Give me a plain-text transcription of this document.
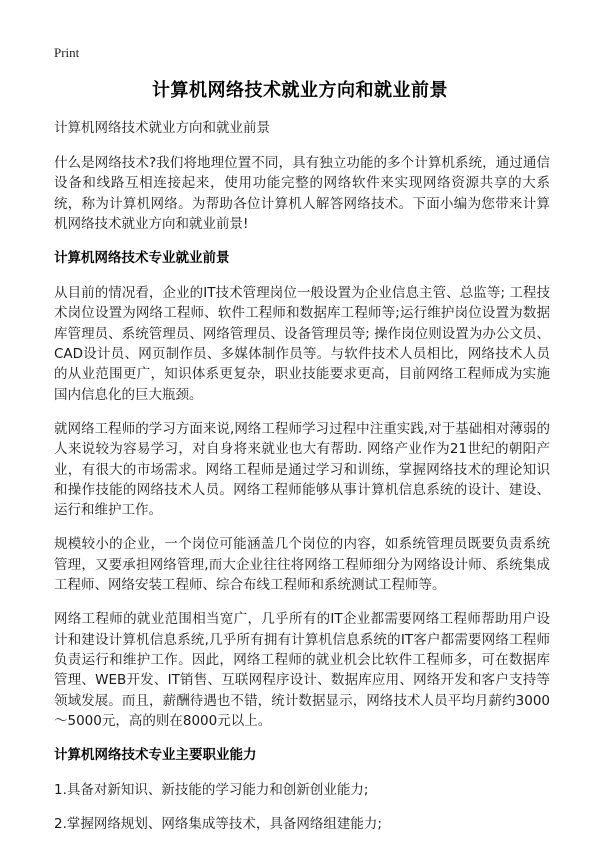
Print
计算机网络技术就业方向和就业前景

计算机网络技术就业方向和就业前景

什么是网络技术?我们将地理位置不同，具有独立功能的多个计算机系统，通过通信设备和线路互相连接起来，使用功能完整的网络软件来实现网络资源共享的大系统，称为计算机网络。为帮助各位计算机人解答网络技术。下面小编为您带来计算机网络技术就业方向和就业前景!

计算机网络技术专业就业前景

从目前的情况看，企业的IT技术管理岗位一般设置为企业信息主管、总监等; 工程技术岗位设置为网络工程师、软件工程师和数据库工程师等;运行维护岗位设置为数据库管理员、系统管理员、网络管理员、设备管理员等; 操作岗位则设置为办公文员、CAD设计员、网页制作员、多媒体制作员等。与软件技术人员相比，网络技术人员的从业范围更广，知识体系更复杂，职业技能要求更高，目前网络工程师成为实施国内信息化的巨大瓶颈。

就网络工程师的学习方面来说,网络工程师学习过程中注重实践,对于基础相对薄弱的人来说较为容易学习，对自身将来就业也大有帮助. 网络产业作为21世纪的朝阳产业，有很大的市场需求。网络工程师是通过学习和训练，掌握网络技术的理论知识和操作技能的网络技术人员。网络工程师能够从事计算机信息系统的设计、建设、运行和维护工作。

规模较小的企业，一个岗位可能涵盖几个岗位的内容，如系统管理员既要负责系统管理，又要承担网络管理,而大企业往往将网络工程师细分为网络设计师、系统集成工程师、网络安装工程师、综合布线工程师和系统测试工程师等。

网络工程师的就业范围相当宽广，几乎所有的IT企业都需要网络工程师帮助用户设计和建设计算机信息系统,几乎所有拥有计算机信息系统的IT客户都需要网络工程师负责运行和维护工作。因此，网络工程师的就业机会比软件工程师多，可在数据库管理、WEB开发、IT销售、互联网程序设计、数据库应用、网络开发和客户支持等领域发展。而且，薪酬待遇也不错，统计数据显示，网络技术人员平均月薪约3000～5000元，高的则在8000元以上。

计算机网络技术专业主要职业能力

1.具备对新知识、新技能的学习能力和创新创业能力;

2.掌握网络规划、网络集成等技术，具备网络组建能力;
